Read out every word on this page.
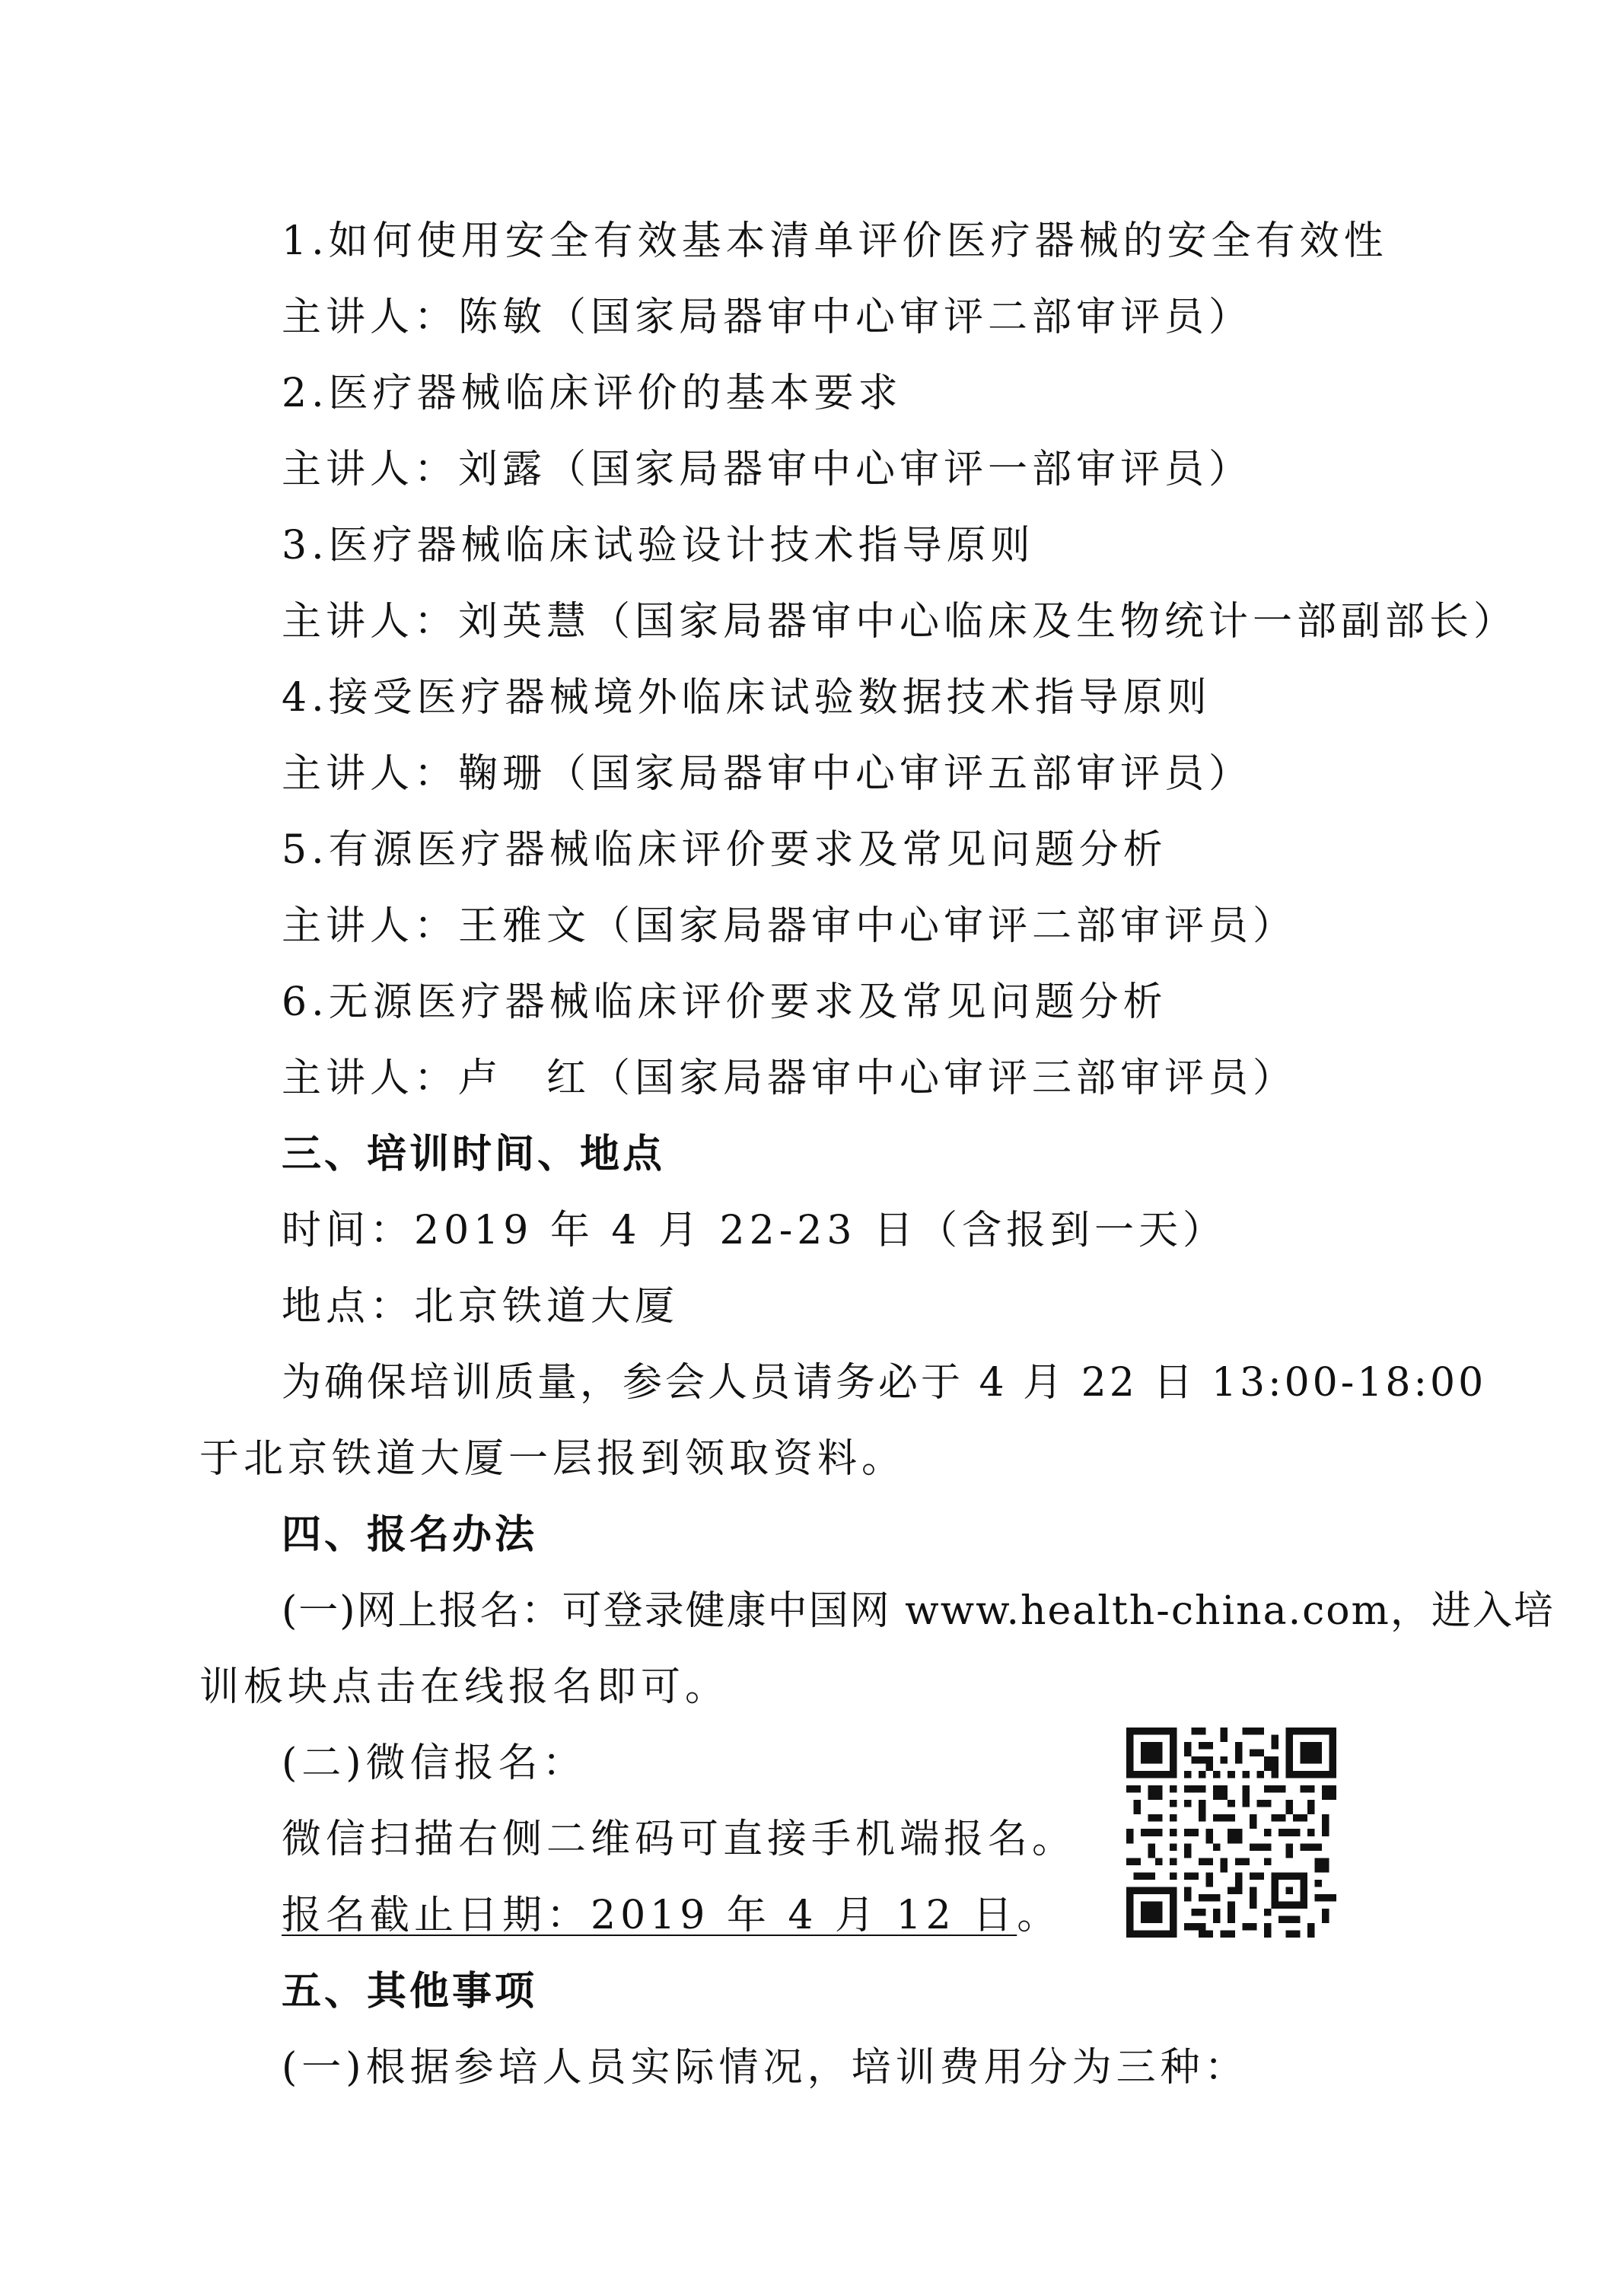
1.如何使用安全有效基本清单评价医疗器械的安全有效性

主讲人：陈敏（国家局器审中心审评二部审评员）

2.医疗器械临床评价的基本要求

主讲人：刘露（国家局器审中心审评一部审评员）

3.医疗器械临床试验设计技术指导原则

主讲人：刘英慧（国家局器审中心临床及生物统计一部副部长）

4.接受医疗器械境外临床试验数据技术指导原则

主讲人：鞠珊（国家局器审中心审评五部审评员）

5.有源医疗器械临床评价要求及常见问题分析

主讲人：王雅文（国家局器审中心审评二部审评员）

6.无源医疗器械临床评价要求及常见问题分析

主讲人：卢　红（国家局器审中心审评三部审评员）

三、培训时间、地点

时间：2019 年 4 月 22-23 日（含报到一天）

地点：北京铁道大厦

为确保培训质量，参会人员请务必于 4 月 22 日 13:00-18:00

于北京铁道大厦一层报到领取资料。

四、报名办法

(一)网上报名：可登录健康中国网 www.health-china.com，进入培

训板块点击在线报名即可。

(二)微信报名：

微信扫描右侧二维码可直接手机端报名。

报名截止日期：2019 年 4 月 12 日。

五、其他事项

(一)根据参培人员实际情况，培训费用分为三种：
